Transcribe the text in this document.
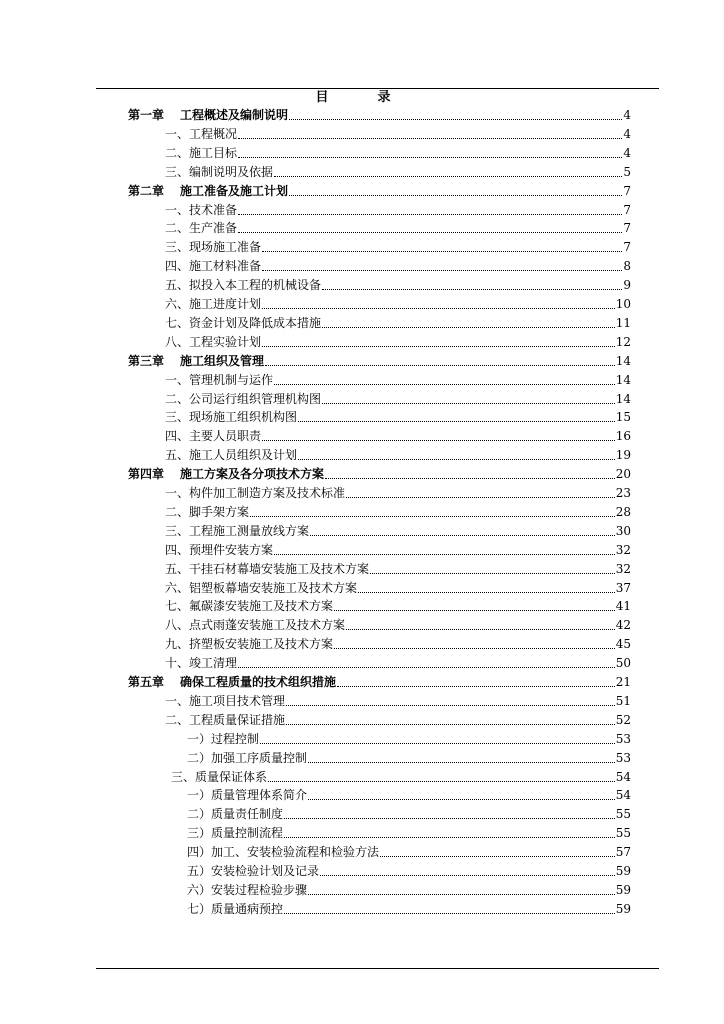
目　录
第一章 工程概述及编制说明	4
一、工程概况	4
二、施工目标	4
三、编制说明及依据	5
第二章 施工准备及施工计划	7
一、技术准备	7
二、生产准备	7
三、现场施工准备	7
四、施工材料准备	8
五、拟投入本工程的机械设备	9
六、施工进度计划	10
七、资金计划及降低成本措施	11
八、工程实验计划	12
第三章 施工组织及管理	14
一、管理机制与运作	14
二、公司运行组织管理机构图	14
三、现场施工组织机构图	15
四、主要人员职责	16
五、施工人员组织及计划	19
第四章 施工方案及各分项技术方案	20
一、构件加工制造方案及技术标准	23
二、脚手架方案	28
三、工程施工测量放线方案	30
四、预埋件安装方案	32
五、干挂石材幕墙安装施工及技术方案	32
六、铝塑板幕墙安装施工及技术方案	37
七、氟碳漆安装施工及技术方案	41
八、点式雨蓬安装施工及技术方案	42
九、挤塑板安装施工及技术方案	45
十、竣工清理	50
第五章 确保工程质量的技术组织措施	21
一、施工项目技术管理	51
二、工程质量保证措施	52
一）过程控制	53
二）加强工序质量控制	53
三、质量保证体系	54
一）质量管理体系简介	54
二）质量责任制度	55
三）质量控制流程	55
四）加工、安装检验流程和检验方法	57
五）安装检验计划及记录	59
六）安装过程检验步骤	59
七）质量通病预控	59
